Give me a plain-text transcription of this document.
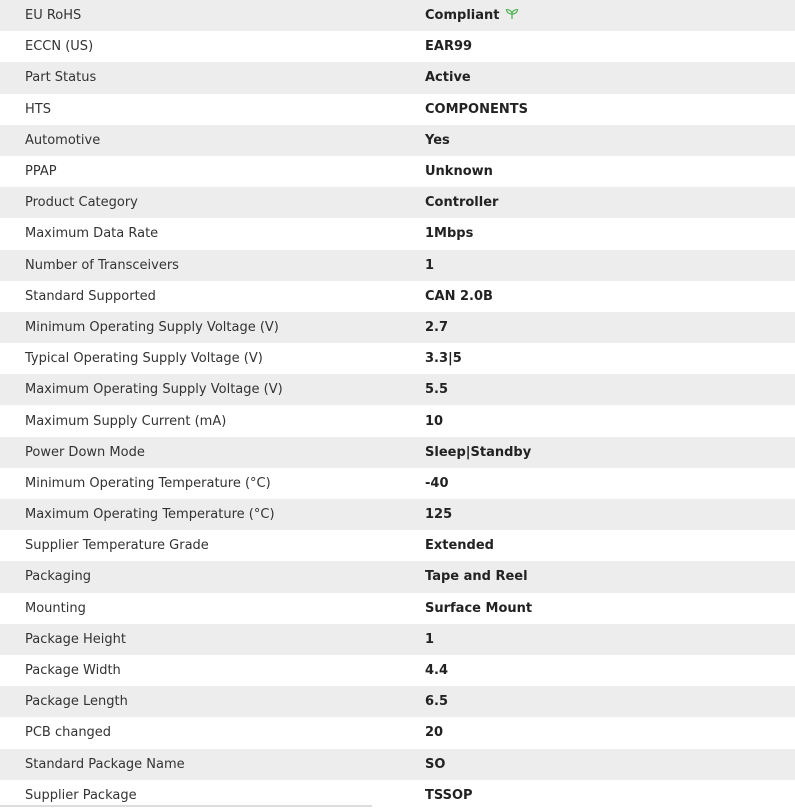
EU RoHS	Compliant
ECCN (US)	EAR99
Part Status	Active
HTS	COMPONENTS
Automotive	Yes
PPAP	Unknown
Product Category	Controller
Maximum Data Rate	1Mbps
Number of Transceivers	1
Standard Supported	CAN 2.0B
Minimum Operating Supply Voltage (V)	2.7
Typical Operating Supply Voltage (V)	3.3|5
Maximum Operating Supply Voltage (V)	5.5
Maximum Supply Current (mA)	10
Power Down Mode	Sleep|Standby
Minimum Operating Temperature (°C)	-40
Maximum Operating Temperature (°C)	125
Supplier Temperature Grade	Extended
Packaging	Tape and Reel
Mounting	Surface Mount
Package Height	1
Package Width	4.4
Package Length	6.5
PCB changed	20
Standard Package Name	SO
Supplier Package	TSSOP
